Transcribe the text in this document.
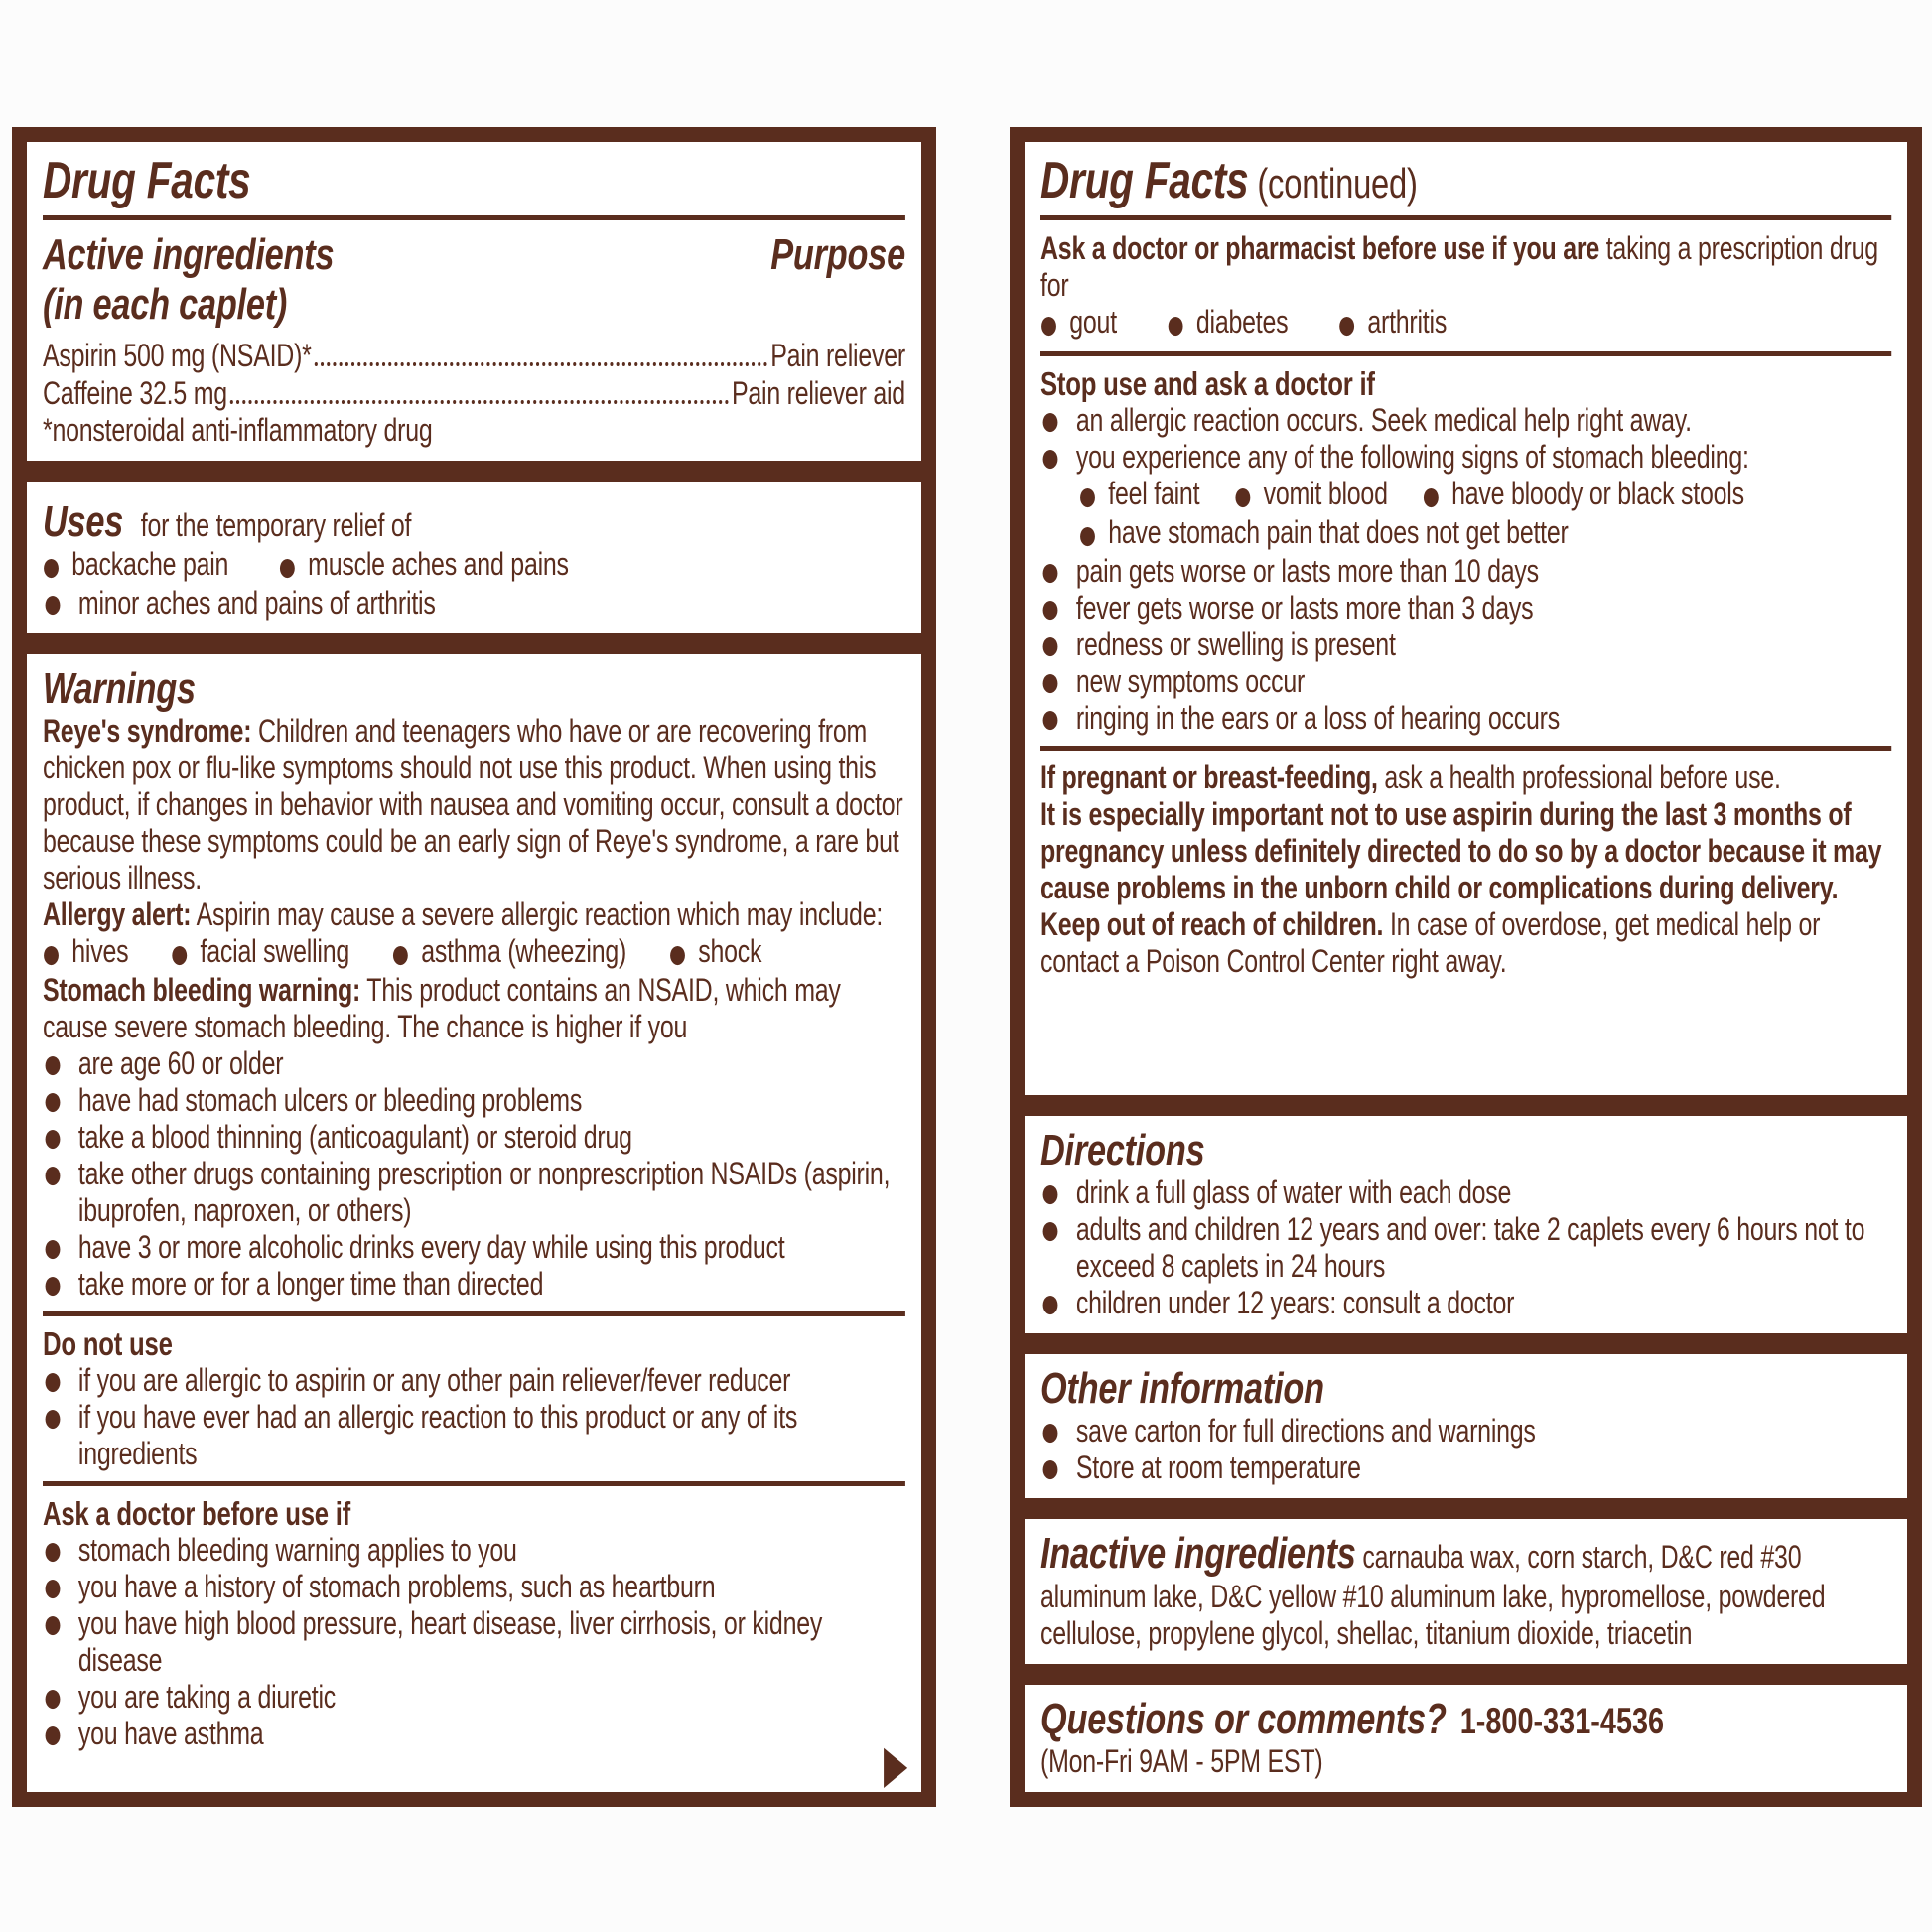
Drug Facts
Active ingredients
(in each caplet)
Purpose
Aspirin 500 mg (NSAID)*	Pain reliever
Caffeine 32.5 mg	Pain reliever aid

*nonsteroidal anti-inflammatory drug

Uses for the temporary relief of

● backache pain	● muscle aches and pains
● minor aches and pains of arthritis
Warnings

Reye's syndrome: Children and teenagers who have or are recovering from chicken pox or flu-like symptoms should not use this product. When using this product, if changes in behavior with nausea and vomiting occur, consult a doctor because these symptoms could be an early sign of Reye's syndrome, a rare but serious illness.

Allergy alert: Aspirin may cause a severe allergic reaction which may include:

● hives	● facial swelling	● asthma (wheezing)	● shock

Stomach bleeding warning: This product contains an NSAID, which may cause severe stomach bleeding. The chance is higher if you

● are age 60 or older
● have had stomach ulcers or bleeding problems
● take a blood thinning (anticoagulant) or steroid drug
● take other drugs containing prescription or nonprescription NSAIDs (aspirin, ibuprofen, naproxen, or others)
● have 3 or more alcoholic drinks every day while using this product
● take more or for a longer time than directed

Do not use

● if you are allergic to aspirin or any other pain reliever/fever reducer
● if you have ever had an allergic reaction to this product or any of its ingredients

Ask a doctor before use if

● stomach bleeding warning applies to you
● you have a history of stomach problems, such as heartburn
● you have high blood pressure, heart disease, liver cirrhosis, or kidney disease
● you are taking a diuretic
● you have asthma	▶
Drug Facts (continued)

Ask a doctor or pharmacist before use if you are taking a prescription drug for

● gout	● diabetes	● arthritis

Stop use and ask a doctor if

● an allergic reaction occurs. Seek medical help right away.
● you experience any of the following signs of stomach bleeding:
● feel faint	● vomit blood	● have bloody or black stools
● have stomach pain that does not get better
● pain gets worse or lasts more than 10 days
● fever gets worse or lasts more than 3 days
● redness or swelling is present
● new symptoms occur
● ringing in the ears or a loss of hearing occurs

If pregnant or breast-feeding, ask a health professional before use.

It is especially important not to use aspirin during the last 3 months of pregnancy unless definitely directed to do so by a doctor because it may cause problems in the unborn child or complications during delivery.

Keep out of reach of children. In case of overdose, get medical help or contact a Poison Control Center right away.

Directions
● drink a full glass of water with each dose
● adults and children 12 years and over: take 2 caplets every 6 hours not to exceed 8 caplets in 24 hours
● children under 12 years: consult a doctor
Other information
● save carton for full directions and warnings
● Store at room temperature

Inactive ingredients carnauba wax, corn starch, D&C red #30 aluminum lake, D&C yellow #10 aluminum lake, hypromellose, powdered cellulose, propylene glycol, shellac, titanium dioxide, triacetin

Questions or comments? 1-800-331-4536

(Mon-Fri 9AM - 5PM EST)
